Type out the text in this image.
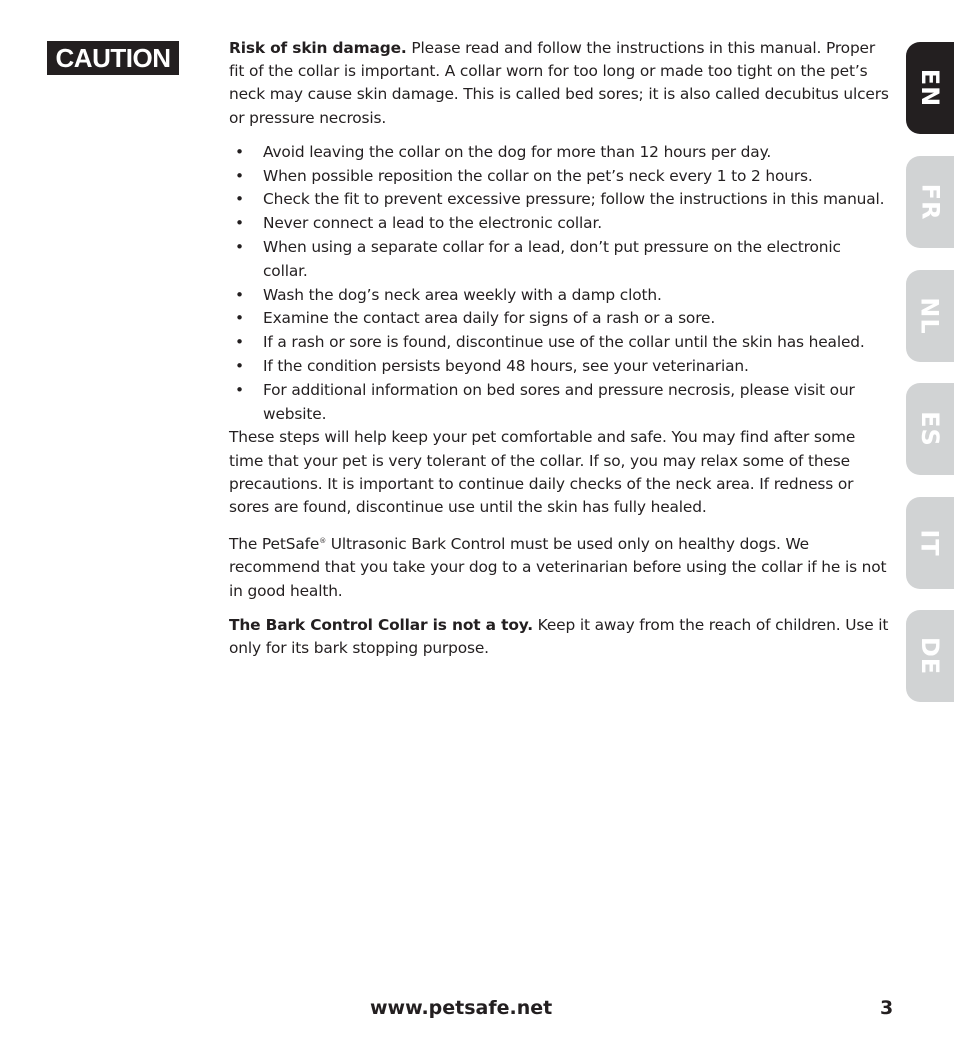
CAUTION	Risk of skin damage. Please read and follow the instructions in this manual. Proper fit of the collar is important. A collar worn for too long or made too tight on the pet’s neck may cause skin damage. This is called bed sores; it is also called decubitus ulcers or pressure necrosis.

• Avoid leaving the collar on the dog for more than 12 hours per day.
• When possible reposition the collar on the pet’s neck every 1 to 2 hours.
• Check the fit to prevent excessive pressure; follow the instructions in this manual.
• Never connect a lead to the electronic collar.
• When using a separate collar for a lead, don’t put pressure on the electronic collar.
• Wash the dog’s neck area weekly with a damp cloth.
• Examine the contact area daily for signs of a rash or a sore.
• If a rash or sore is found, discontinue use of the collar until the skin has healed.
• If the condition persists beyond 48 hours, see your veterinarian.
• For additional information on bed sores and pressure necrosis, please visit our website.

These steps will help keep your pet comfortable and safe. You may find after some time that your pet is very tolerant of the collar. If so, you may relax some of these precautions. It is important to continue daily checks of the neck area. If redness or sores are found, discontinue use until the skin has fully healed.

The PetSafe® Ultrasonic Bark Control must be used only on healthy dogs. We recommend that you take your dog to a veterinarian before using the collar if he is not in good health.

The Bark Control Collar is not a toy. Keep it away from the reach of children. Use it only for its bark stopping purpose.

EN
FR
NL
ES
IT
DE
www.petsafe.net	3
